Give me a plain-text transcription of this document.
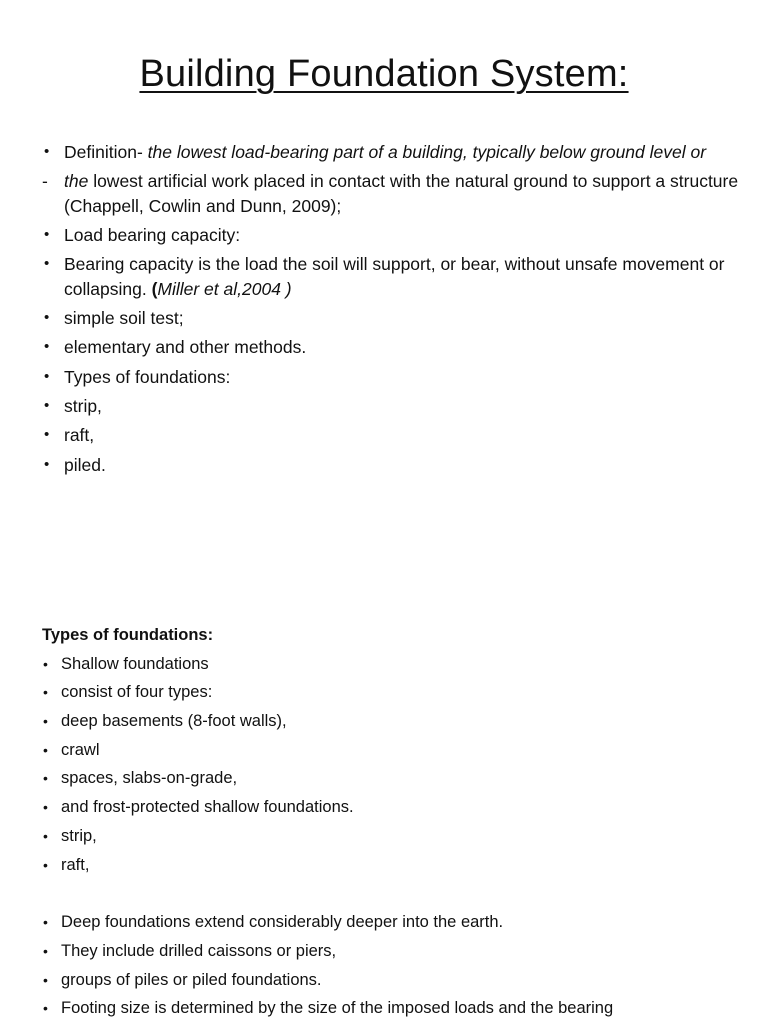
Building Foundation System:
• Definition- the lowest load-bearing part of a building, typically below ground level or
- the lowest artificial work placed in contact with the natural ground to support a structure (Chappell, Cowlin and Dunn, 2009);
• Load bearing capacity:
• Bearing capacity is the load the soil will support, or bear, without unsafe movement or collapsing. (Miller et al,2004 )
• simple soil test;
• elementary and other methods.
• Types of foundations:
• strip,
• raft,
• piled.
Types of foundations:
• Shallow foundations
• consist of four types:
• deep basements (8-foot walls),
• crawl
• spaces, slabs-on-grade,
• and frost-protected shallow foundations.
• strip,
• raft,
• Deep foundations extend considerably deeper into the earth.
• They include drilled caissons or piers,
• groups of piles or piled foundations.
• Footing size is determined by the size of the imposed loads and the bearing
